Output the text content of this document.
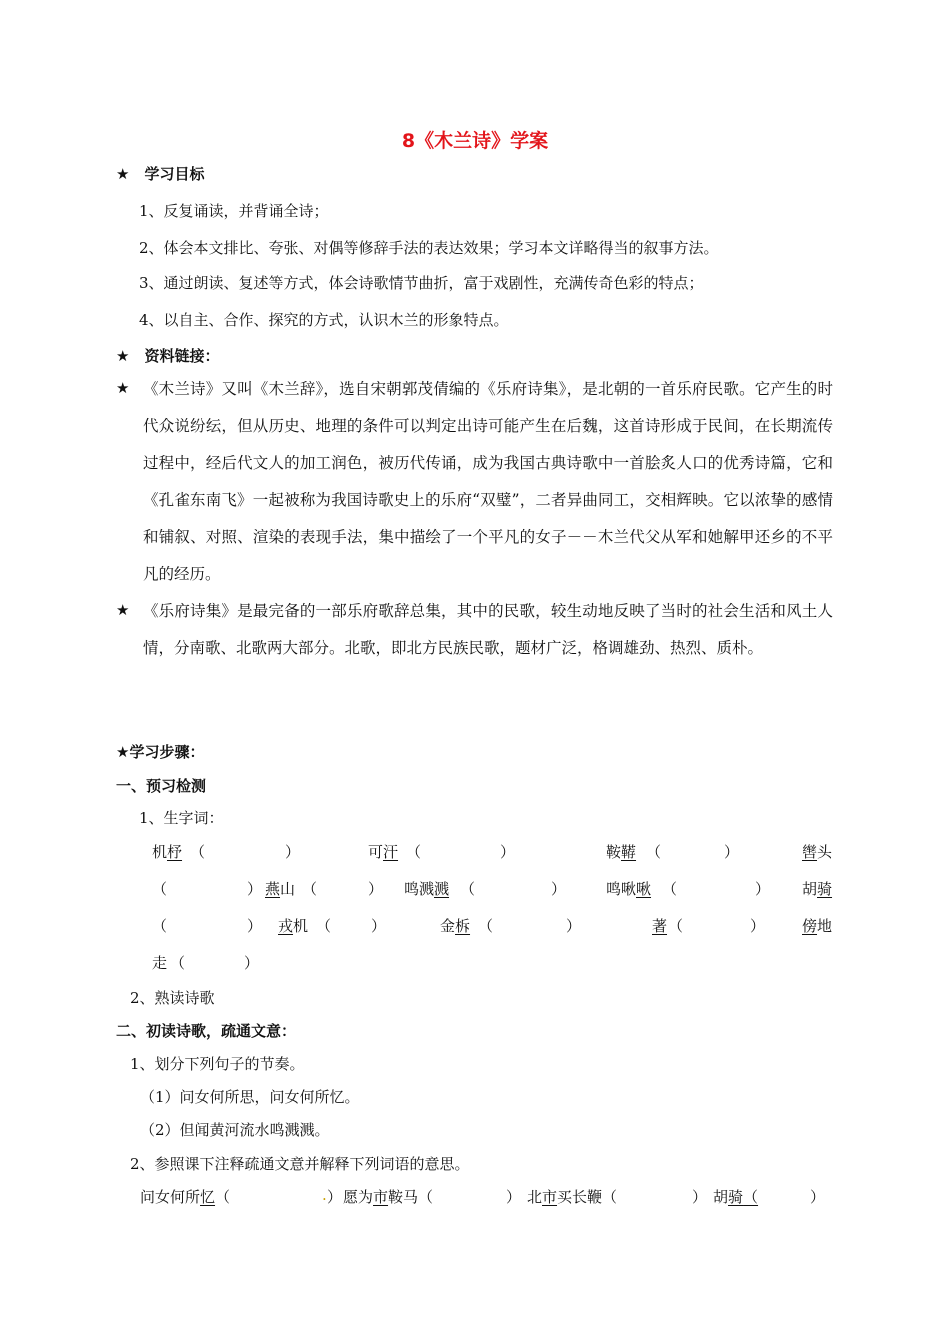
8《木兰诗》学案
★　学习目标
1、反复诵读，并背诵全诗；
2、体会本文排比、夸张、对偶等修辞手法的表达效果；学习本文详略得当的叙事方法。
3、通过朗读、复述等方式，体会诗歌情节曲折，富于戏剧性，充满传奇色彩的特点；
4、以自主、合作、探究的方式，认识木兰的形象特点。
★　资料链接：
★ 《木兰诗》又叫《木兰辞》，选自宋朝郭茂倩编的《乐府诗集》，是北朝的一首乐府民歌。它产生的时代众说纷纭，但从历史、地理的条件可以判定出诗可能产生在后魏，这首诗形成于民间，在长期流传过程中，经后代文人的加工润色，被历代传诵，成为我国古典诗歌中一首脍炙人口的优秀诗篇，它和《孔雀东南飞》一起被称为我国诗歌史上的乐府“双璧”，二者异曲同工，交相辉映。它以浓挚的感情和铺叙、对照、渲染的表现手法，集中描绘了一个平凡的女子－－木兰代父从军和她解甲还乡的不平凡的经历。
★ 《乐府诗集》是最完备的一部乐府歌辞总集，其中的民歌，较生动地反映了当时的社会生活和风土人情，分南歌、北歌两大部分。北歌，即北方民族民歌，题材广泛，格调雄劲、热烈、质朴。
★学习步骤：
一、预习检测
1、生字词：
机杼 （	）	可汗 （	）	鞍鞯 （	）	辔头
（	） 燕山 （	） 鸣溅溅 （	）	鸣啾啾 （	） 胡骑
（	） 戎机 （	）	金柝 （	）	著 （	） 傍地
走 （	）
2、熟读诗歌
二、初读诗歌，疏通文意：
1、划分下列句子的节奏。
（1）问女何所思，问女何所忆。
（2）但闻黄河流水鸣溅溅。
2、参照课下注释疏通文意并解释下列词语的意思。
问女何所忆（	. ） 愿为市鞍马（	） 北市买长鞭（	） 胡骑（	）
